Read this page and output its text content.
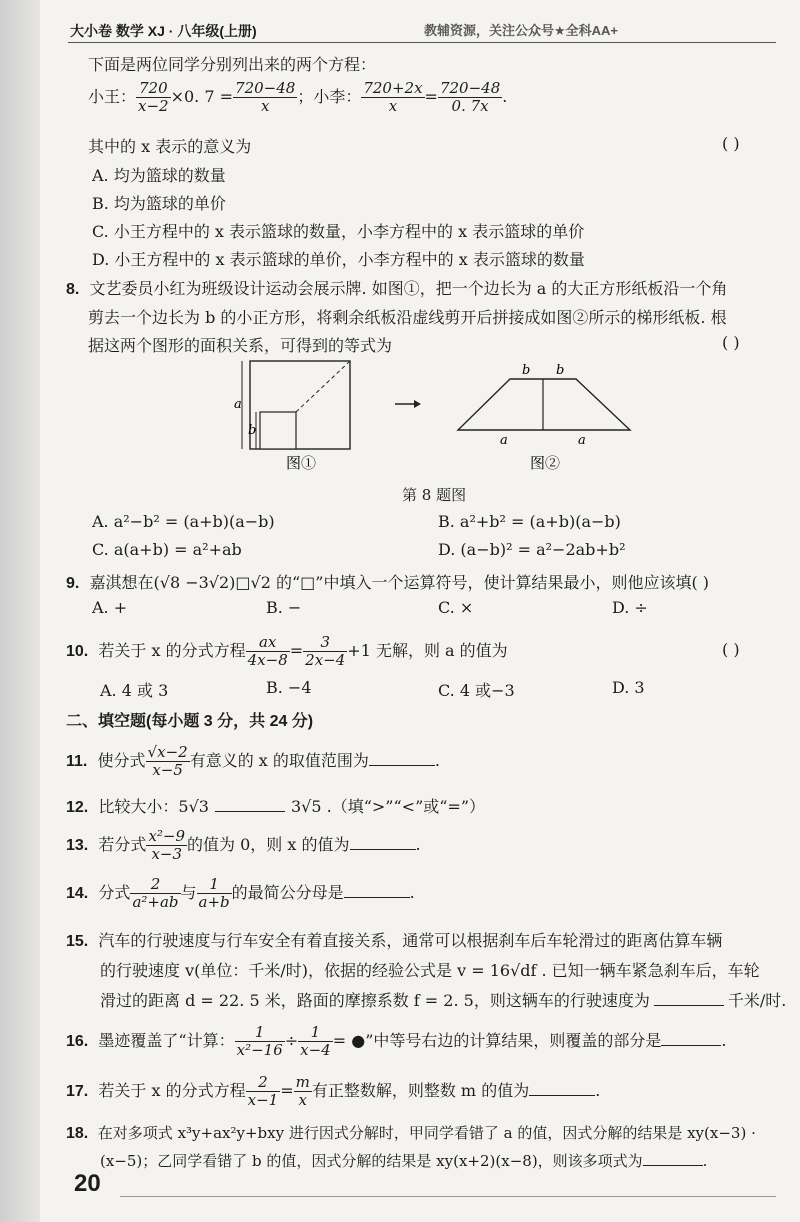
大小卷 数学 XJ · 八年级(上册)	教辅资源，关注公众号★全科AA+
下面是两位同学分别列出来的两个方程：
小王： $\frac{720}{x-2} \times 0$. $7 = \frac{720-48}{x}$ ；小李： $\frac{720+2x}{x} = \frac{720-48}{0. 7x}$ .
其中的 x 表示的意义为	( )
A. 均为篮球的数量
B. 均为篮球的单价
C. 小王方程中的 x 表示篮球的数量，小李方程中的 x 表示篮球的单价
D. 小王方程中的 x 表示篮球的单价，小李方程中的 x 表示篮球的数量
8. 文艺委员小红为班级设计运动会展示牌. 如图①，把一个边长为 a 的大正方形纸板沿一个角
剪去一个边长为 b 的小正方形，将剩余纸板沿虚线剪开后拼接成如图②所示的梯形纸板. 根
据这两个图形的面积关系，可得到的等式为	( )
a
b
图①
b b
a	a
图②
第 8 题图
A. a²−b² = (a+b)(a−b)	B. a²+b² = (a+b)(a−b)
C. a(a+b) = a²+ab	D. (a−b)² = a²−2ab+b²
9. 嘉淇想在(√8 −3√2)□√2 的“□”中填入一个运算符号，使计算结果最小，则他应该填( )
A. +	B. −	C. ×	D. ÷
10. 若关于 x 的分式方程 $\frac{ax}{4x-8} = \frac{3}{2x-4} +1$ 无解，则 a 的值为	( )
A. 4 或 3	B. −4	C. 4 或−3	D. 3
二、填空题(每小题 3 分，共 24 分)
11. 使分式 $\frac{√x-2}{x-5}$ 有意义的 x 的取值范围为	.
12. 比较大小：5√3	3√5 .（填“>”“<”或“=”）
13. 若分式 $\frac{\text{x²−9}}{x-3}$ 的值为 0，则 x 的值为	.
14. 分式 $\frac{2}{\text{a²+ab}}$ 与 $\frac{1}{a+b}$ 的最简公分母是	.
15. 汽车的行驶速度与行车安全有着直接关系，通常可以根据刹车后车轮滑过的距离估算车辆
的行驶速度 v(单位：千米/时)，依据的经验公式是 v = 16√df . 已知一辆车紧急刹车后，车轮
滑过的距离 d = 22. 5 米，路面的摩擦系数 f = 2. 5，则这辆车的行驶速度为	千米/时.
16. 墨迹覆盖了“计算： $\frac{1}{\text{x²−16}} \div \frac{1}{x-4}$ = ●”中等号右边的计算结果，则覆盖的部分是	.
17. 若关于 x 的分式方程 $\frac{2}{x-1} = \frac{m}{x}$ 有正整数解，则整数 m 的值为	.
18. 在对多项式 x³y+ax²y+bxy 进行因式分解时，甲同学看错了 a 的值，因式分解的结果是 xy(x−3) ·
(x−5)；乙同学看错了 b 的值，因式分解的结果是 xy(x+2)(x−8)，则该多项式为	.
20
